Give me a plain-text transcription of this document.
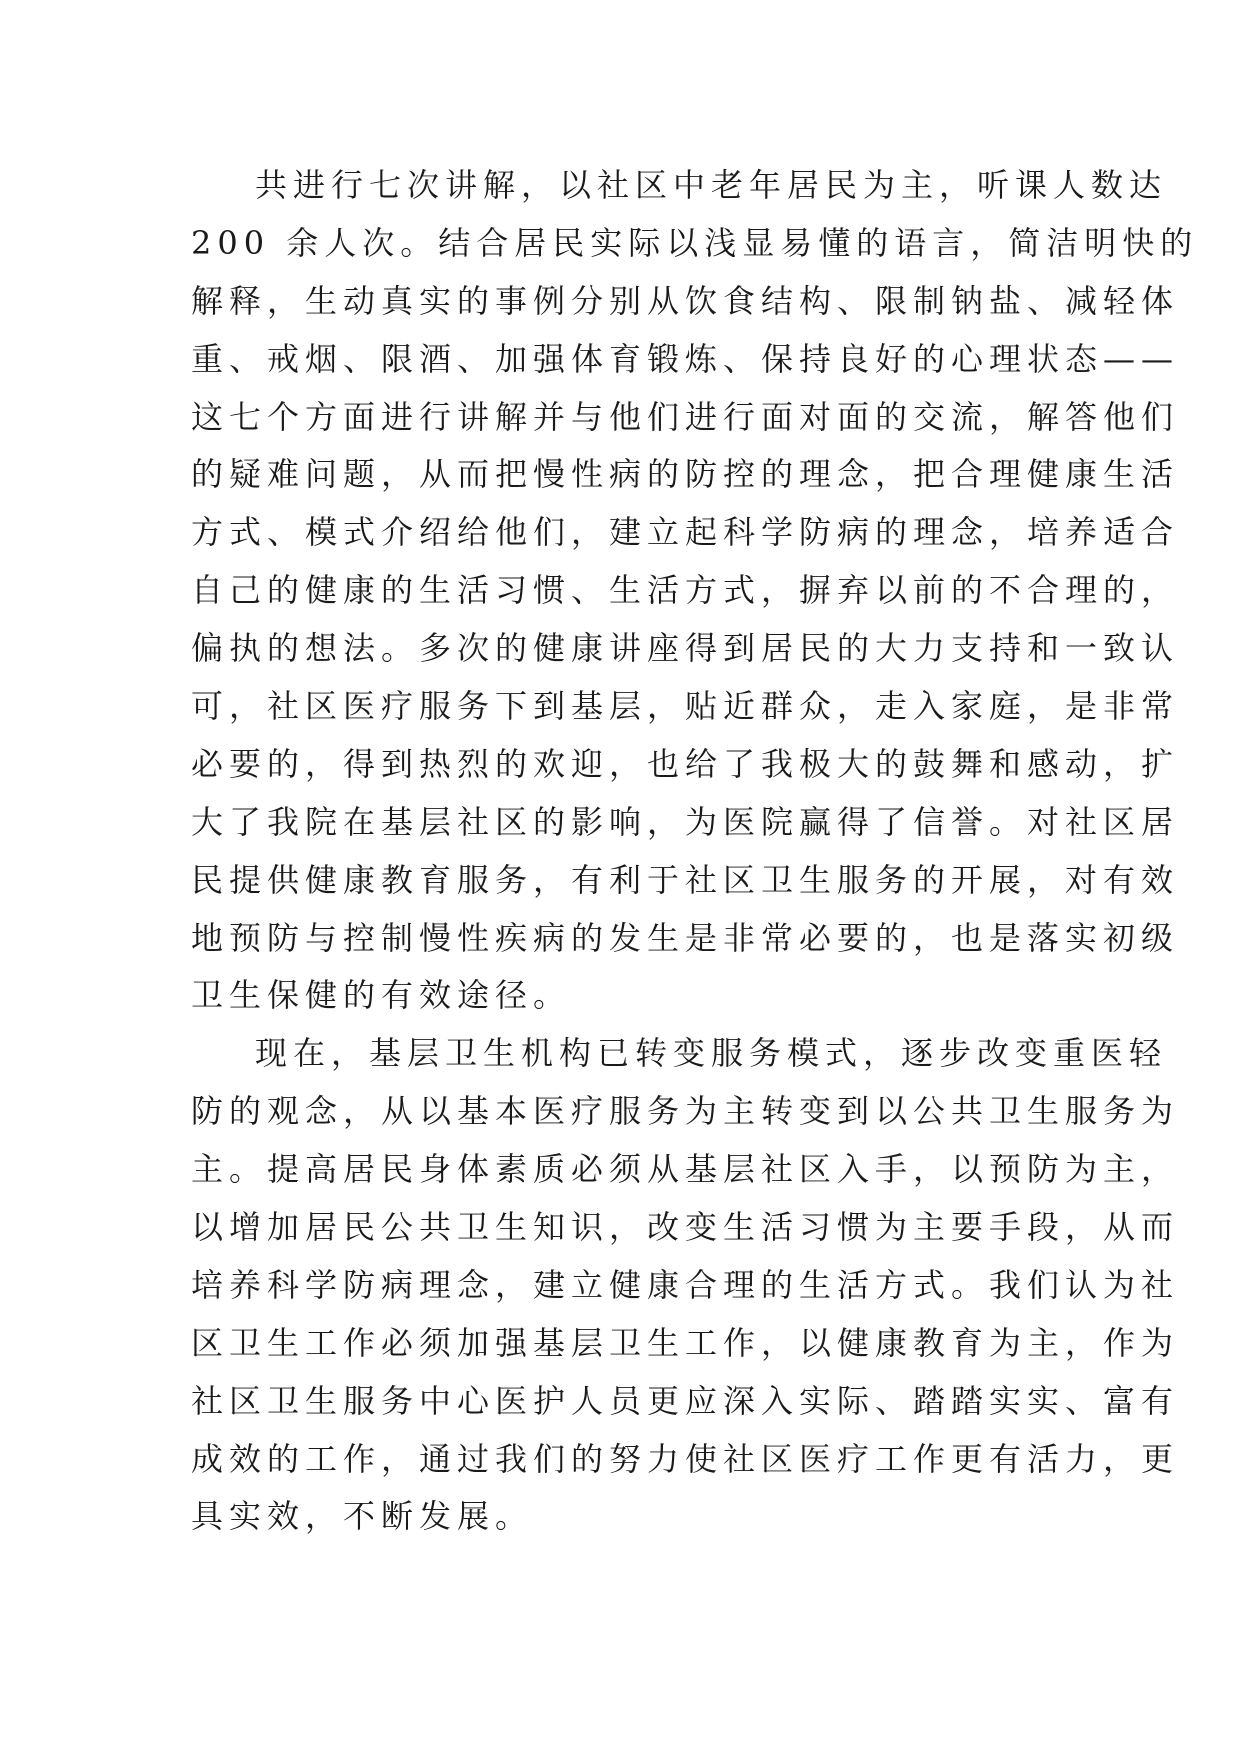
共进行七次讲解，以社区中老年居民为主，听课人数达
200 余人次。结合居民实际以浅显易懂的语言，简洁明快的
解释，生动真实的事例分别从饮食结构、限制钠盐、减轻体
重、戒烟、限酒、加强体育锻炼、保持良好的心理状态——
这七个方面进行讲解并与他们进行面对面的交流，解答他们
的疑难问题，从而把慢性病的防控的理念，把合理健康生活
方式、模式介绍给他们，建立起科学防病的理念，培养适合
自己的健康的生活习惯、生活方式，摒弃以前的不合理的，
偏执的想法。多次的健康讲座得到居民的大力支持和一致认
可，社区医疗服务下到基层，贴近群众，走入家庭，是非常
必要的，得到热烈的欢迎，也给了我极大的鼓舞和感动，扩
大了我院在基层社区的影响，为医院赢得了信誉。对社区居
民提供健康教育服务，有利于社区卫生服务的开展，对有效
地预防与控制慢性疾病的发生是非常必要的，也是落实初级
卫生保健的有效途径。
现在，基层卫生机构已转变服务模式，逐步改变重医轻
防的观念，从以基本医疗服务为主转变到以公共卫生服务为
主。提高居民身体素质必须从基层社区入手，以预防为主，
以增加居民公共卫生知识，改变生活习惯为主要手段，从而
培养科学防病理念，建立健康合理的生活方式。我们认为社
区卫生工作必须加强基层卫生工作，以健康教育为主，作为
社区卫生服务中心医护人员更应深入实际、踏踏实实、富有
成效的工作，通过我们的努力使社区医疗工作更有活力，更
具实效，不断发展。
